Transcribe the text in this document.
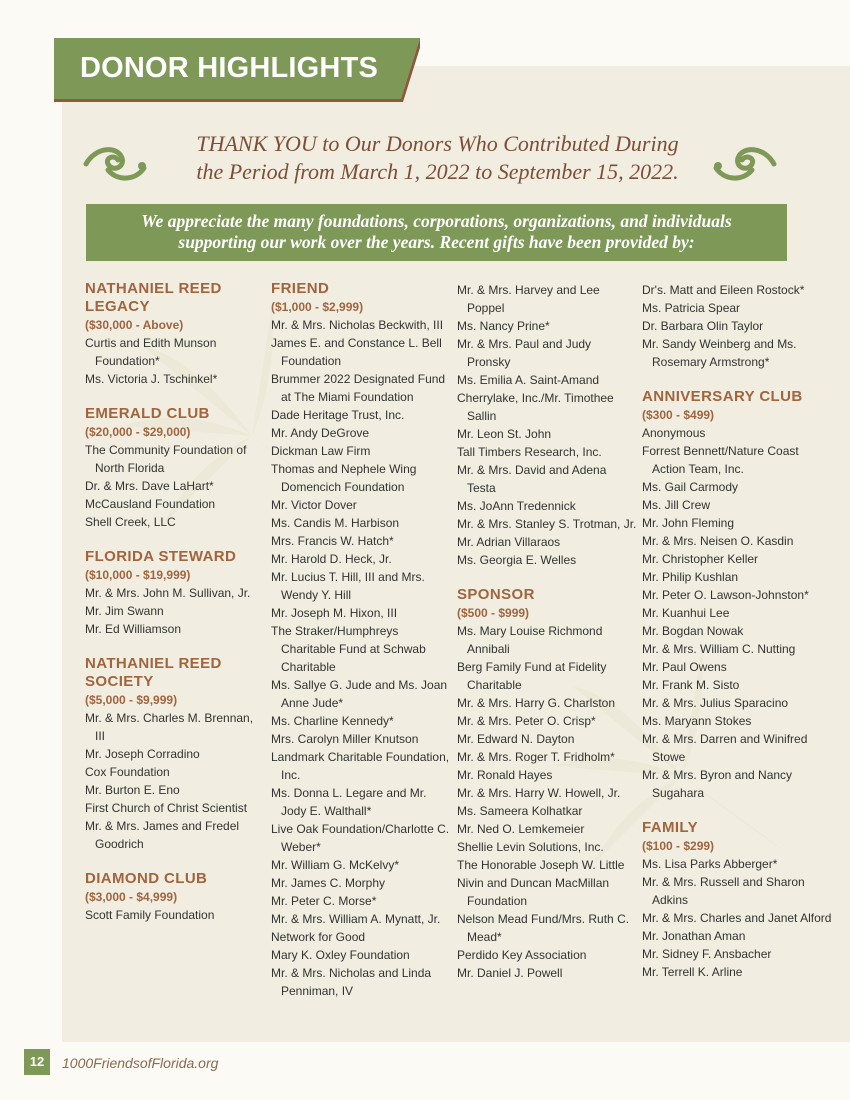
DONOR HIGHLIGHTS
THANK YOU to Our Donors Who Contributed During
the Period from March 1, 2022 to September 15, 2022.
We appreciate the many foundations, corporations, organizations, and individuals
supporting our work over the years. Recent gifts have been provided by:
NATHANIEL REED LEGACY
($30,000 - Above)
Curtis and Edith Munson Foundation*
Ms. Victoria J. Tschinkel*
EMERALD CLUB
($20,000 - $29,000)
The Community Foundation of North Florida
Dr. & Mrs. Dave LaHart*
McCausland Foundation
Shell Creek, LLC
FLORIDA STEWARD
($10,000 - $19,999)
Mr. & Mrs. John M. Sullivan, Jr.
Mr. Jim Swann
Mr. Ed Williamson
NATHANIEL REED SOCIETY
($5,000 - $9,999)
Mr. & Mrs. Charles M. Brennan, III
Mr. Joseph Corradino
Cox Foundation
Mr. Burton E. Eno
First Church of Christ Scientist
Mr. & Mrs. James and Fredel Goodrich
DIAMOND CLUB
($3,000 - $4,999)
Scott Family Foundation
FRIEND
($1,000 - $2,999)
Mr. & Mrs. Nicholas Beckwith, III
James E. and Constance L. Bell Foundation
Brummer 2022 Designated Fund at The Miami Foundation
Dade Heritage Trust, Inc.
Mr. Andy DeGrove
Dickman Law Firm
Thomas and Nephele Wing Domencich Foundation
Mr. Victor Dover
Ms. Candis M. Harbison
Mrs. Francis W. Hatch*
Mr. Harold D. Heck, Jr.
Mr. Lucius T. Hill, III and Mrs. Wendy Y. Hill
Mr. Joseph M. Hixon, III
The Straker/Humphreys Charitable Fund at Schwab Charitable
Ms. Sallye G. Jude and Ms. Joan Anne Jude*
Ms. Charline Kennedy*
Mrs. Carolyn Miller Knutson
Landmark Charitable Foundation, Inc.
Ms. Donna L. Legare and Mr. Jody E. Walthall*
Live Oak Foundation/Charlotte C. Weber*
Mr. William G. McKelvy*
Mr. James C. Morphy
Mr. Peter C. Morse*
Mr. & Mrs. William A. Mynatt, Jr.
Network for Good
Mary K. Oxley Foundation
Mr. & Mrs. Nicholas and Linda Penniman, IV
Mr. & Mrs. Harvey and Lee Poppel
Ms. Nancy Prine*
Mr. & Mrs. Paul and Judy Pronsky
Ms. Emilia A. Saint-Amand
Cherrylake, Inc./Mr. Timothee Sallin
Mr. Leon St. John
Tall Timbers Research, Inc.
Mr. & Mrs. David and Adena Testa
Ms. JoAnn Tredennick
Mr. & Mrs. Stanley S. Trotman, Jr.
Mr. Adrian Villaraos
Ms. Georgia E. Welles
SPONSOR
($500 - $999)
Ms. Mary Louise Richmond Annibali
Berg Family Fund at Fidelity Charitable
Mr. & Mrs. Harry G. Charlston
Mr. & Mrs. Peter O. Crisp*
Mr. Edward N. Dayton
Mr. & Mrs. Roger T. Fridholm*
Mr. Ronald Hayes
Mr. & Mrs. Harry W. Howell, Jr.
Ms. Sameera Kolhatkar
Mr. Ned O. Lemkemeier
Shellie Levin Solutions, Inc.
The Honorable Joseph W. Little
Nivin and Duncan MacMillan Foundation
Nelson Mead Fund/Mrs. Ruth C. Mead*
Perdido Key Association
Mr. Daniel J. Powell
Dr's. Matt and Eileen Rostock*
Ms. Patricia Spear
Dr. Barbara Olin Taylor
Mr. Sandy Weinberg and Ms. Rosemary Armstrong*
ANNIVERSARY CLUB
($300 - $499)
Anonymous
Forrest Bennett/Nature Coast Action Team, Inc.
Ms. Gail Carmody
Ms. Jill Crew
Mr. John Fleming
Mr. & Mrs. Neisen O. Kasdin
Mr. Christopher Keller
Mr. Philip Kushlan
Mr. Peter O. Lawson-Johnston*
Mr. Kuanhui Lee
Mr. Bogdan Nowak
Mr. & Mrs. William C. Nutting
Mr. Paul Owens
Mr. Frank M. Sisto
Mr. & Mrs. Julius Sparacino
Ms. Maryann Stokes
Mr. & Mrs. Darren and Winifred Stowe
Mr. & Mrs. Byron and Nancy Sugahara
FAMILY
($100 - $299)
Ms. Lisa Parks Abberger*
Mr. & Mrs. Russell and Sharon Adkins
Mr. & Mrs. Charles and Janet Alford
Mr. Jonathan Aman
Mr. Sidney F. Ansbacher
Mr. Terrell K. Arline
12	1000FriendsofFlorida.org
